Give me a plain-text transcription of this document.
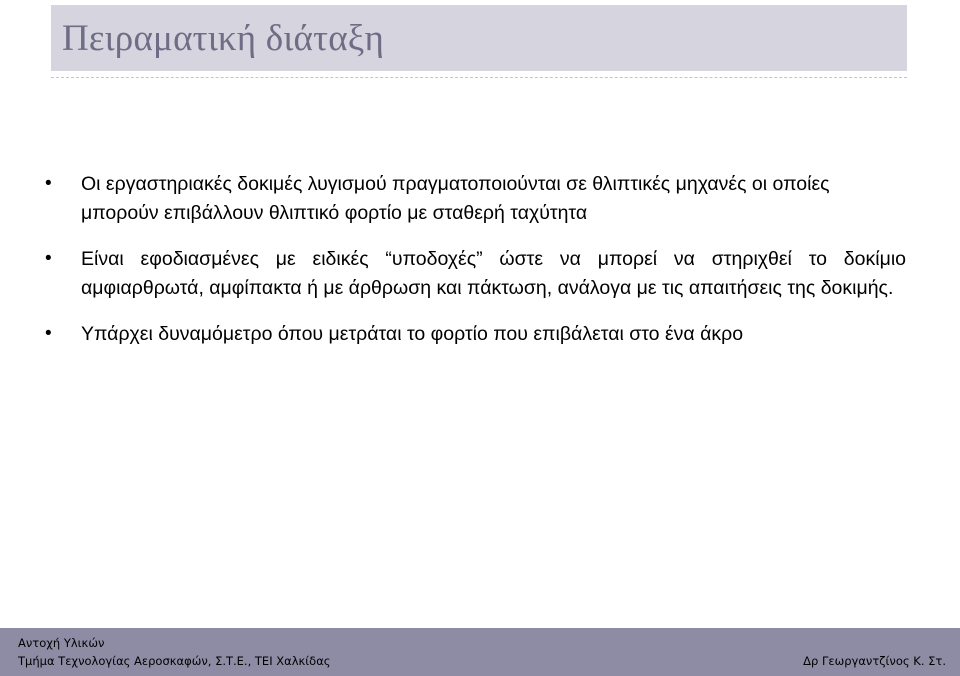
Πειραματική διάταξη
• Οι εργαστηριακές δοκιμές λυγισμού πραγματοποιούνται σε θλιπτικές μηχανές οι οποίες μπορούν επιβάλλουν θλιπτικό φορτίο με σταθερή ταχύτητα
• Είναι εφοδιασμένες με ειδικές “υποδοχές” ώστε να μπορεί να στηριχθεί το δοκίμιο αμφιαρθρωτά, αμφίπακτα ή με άρθρωση και πάκτωση, ανάλογα με τις απαιτήσεις της δοκιμής.
• Υπάρχει δυναμόμετρο όπου μετράται το φορτίο που επιβάλεται στο ένα άκρο
Αντοχή Υλικών
Τμήμα Τεχνολογίας Αεροσκαφών, Σ.Τ.Ε., ΤΕΙ Χαλκίδας	Δρ Γεωργαντζίνος Κ. Στ.
